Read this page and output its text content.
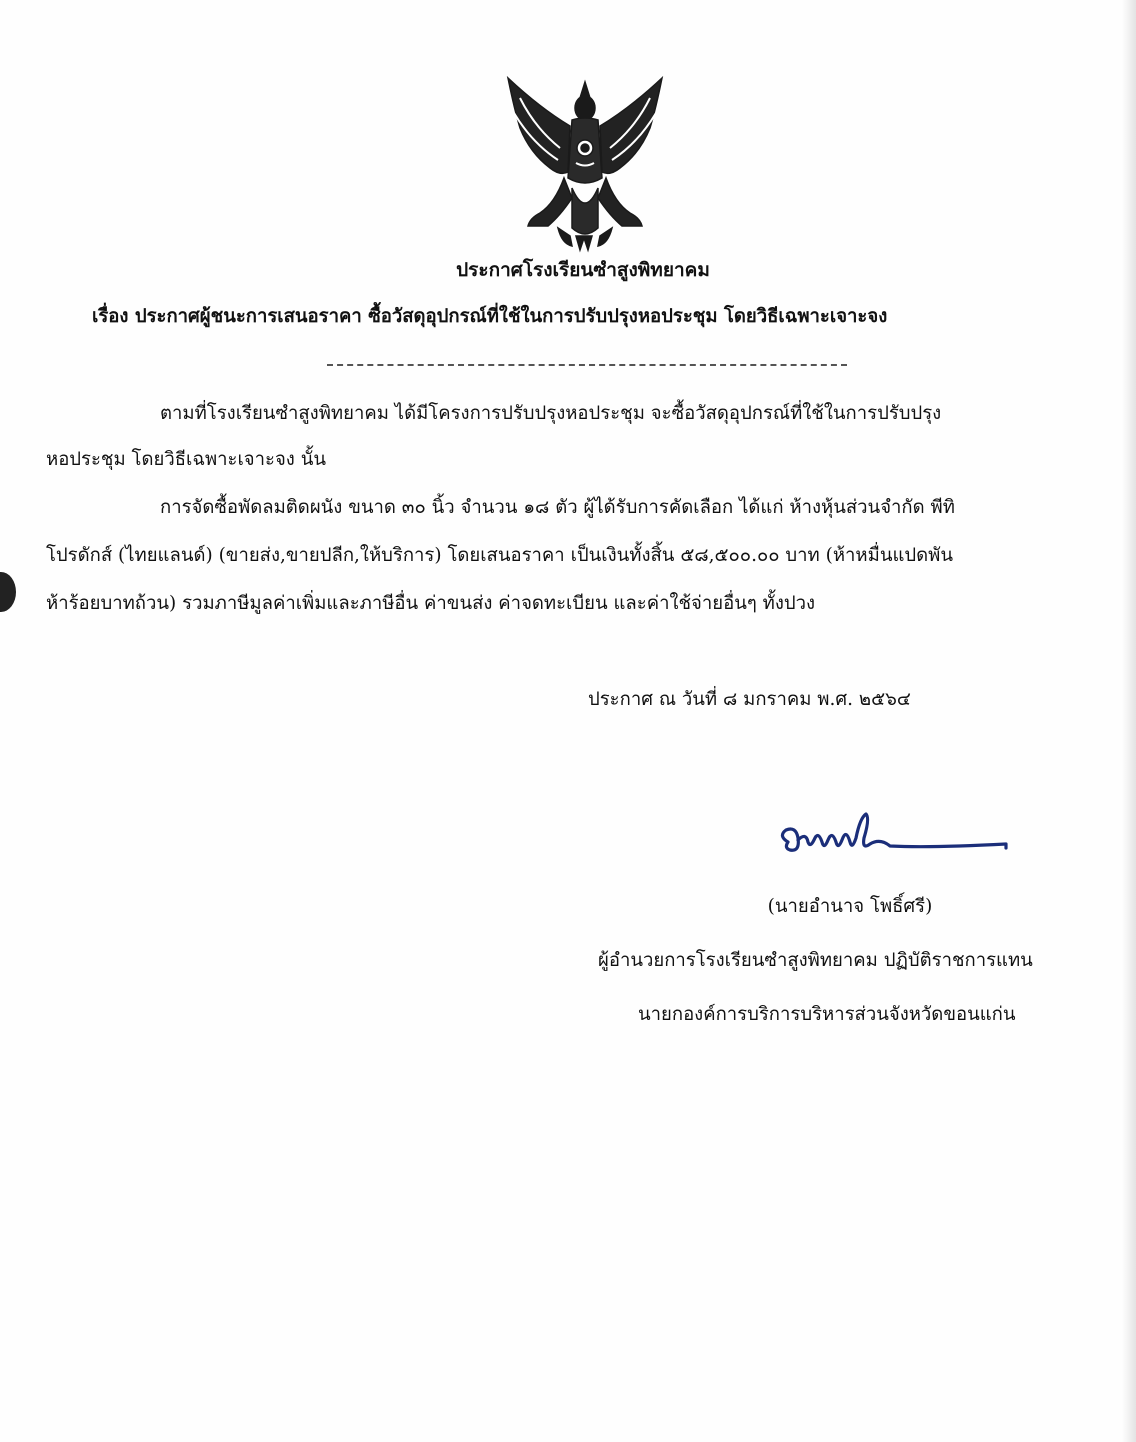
ประกาศโรงเรียนซำสูงพิทยาคม
เรื่อง ประกาศผู้ชนะการเสนอราคา ซื้อวัสดุอุปกรณ์ที่ใช้ในการปรับปรุงหอประชุม โดยวิธีเฉพาะเจาะจง
ตามที่โรงเรียนซำสูงพิทยาคม ได้มีโครงการปรับปรุงหอประชุม จะซื้อวัสดุอุปกรณ์ที่ใช้ในการปรับปรุง
หอประชุม โดยวิธีเฉพาะเจาะจง นั้น
การจัดซื้อพัดลมติดผนัง ขนาด ๓๐ นิ้ว จำนวน ๑๘ ตัว ผู้ได้รับการคัดเลือก ได้แก่ ห้างหุ้นส่วนจำกัด พีทิ
โปรดักส์ (ไทยแลนด์) (ขายส่ง,ขายปลีก,ให้บริการ) โดยเสนอราคา เป็นเงินทั้งสิ้น ๕๘,๕๐๐.๐๐ บาท (ห้าหมื่นแปดพัน
ห้าร้อยบาทถ้วน) รวมภาษีมูลค่าเพิ่มและภาษีอื่น ค่าขนส่ง ค่าจดทะเบียน และค่าใช้จ่ายอื่นๆ ทั้งปวง
ประกาศ ณ วันที่ ๘ มกราคม พ.ศ. ๒๕๖๔
(นายอำนาจ โพธิ์ศรี)
ผู้อำนวยการโรงเรียนซำสูงพิทยาคม ปฏิบัติราชการแทน
นายกองค์การบริการบริหารส่วนจังหวัดขอนแก่น
